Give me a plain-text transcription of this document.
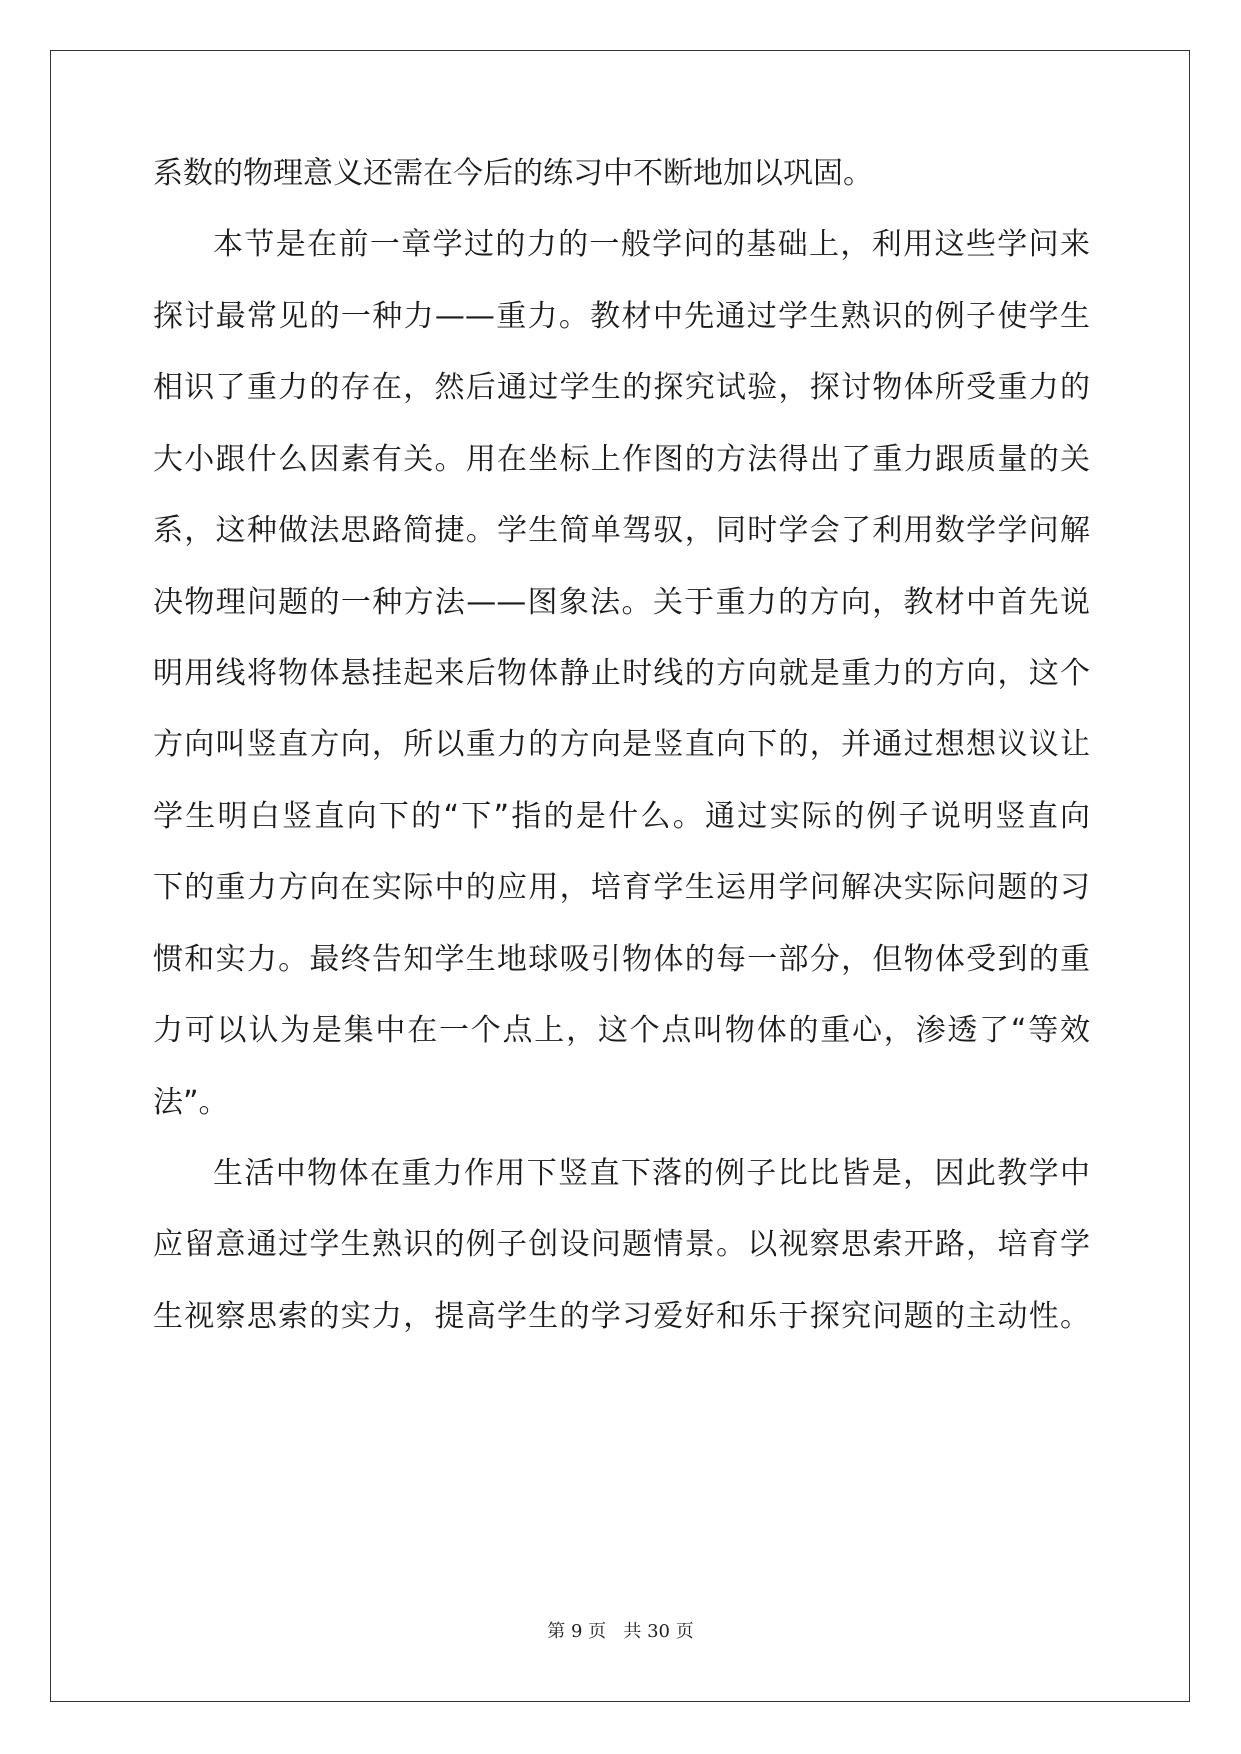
系数的物理意义还需在今后的练习中不断地加以巩固。
本节是在前一章学过的力的一般学问的基础上，利用这些学问来
探讨最常见的一种力——重力。教材中先通过学生熟识的例子使学生
相识了重力的存在，然后通过学生的探究试验，探讨物体所受重力的
大小跟什么因素有关。用在坐标上作图的方法得出了重力跟质量的关
系，这种做法思路简捷。学生简单驾驭，同时学会了利用数学学问解
决物理问题的一种方法——图象法。关于重力的方向，教材中首先说
明用线将物体悬挂起来后物体静止时线的方向就是重力的方向，这个
方向叫竖直方向，所以重力的方向是竖直向下的，并通过想想议议让
学生明白竖直向下的“下”指的是什么。通过实际的例子说明竖直向
下的重力方向在实际中的应用，培育学生运用学问解决实际问题的习
惯和实力。最终告知学生地球吸引物体的每一部分，但物体受到的重
力可以认为是集中在一个点上，这个点叫物体的重心，渗透了“等效
法”。
生活中物体在重力作用下竖直下落的例子比比皆是，因此教学中
应留意通过学生熟识的例子创设问题情景。以视察思索开路，培育学
生视察思索的实力，提高学生的学习爱好和乐于探究问题的主动性。
第 9 页   共 30 页
